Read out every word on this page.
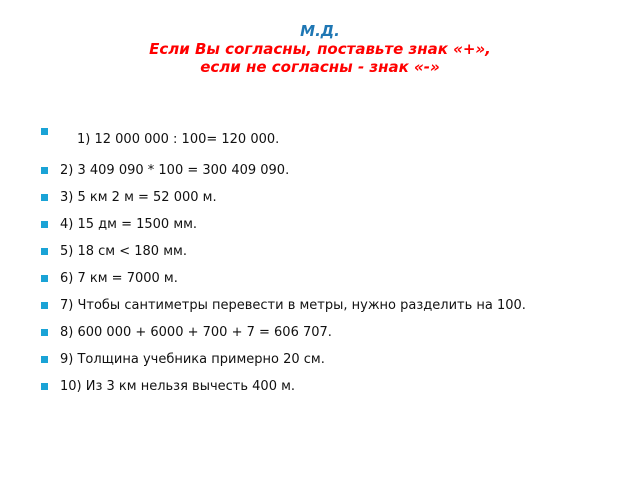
М.Д.
Если Вы согласны, поставьте знак «+»,
если не согласны - знак «-»
1) 12 000 000 : 100= 120 000.
2) 3 409 090 * 100 = 300 409 090.
3) 5 км 2 м = 52 000 м.
4) 15 дм = 1500 мм.
5) 18 см < 180 мм.
6) 7 км = 7000 м.
7) Чтобы сантиметры перевести в метры, нужно разделить на 100.
8) 600 000 + 6000 + 700 + 7 = 606 707.
9) Толщина учебника примерно 20 см.
10) Из 3 км нельзя вычесть 400 м.
